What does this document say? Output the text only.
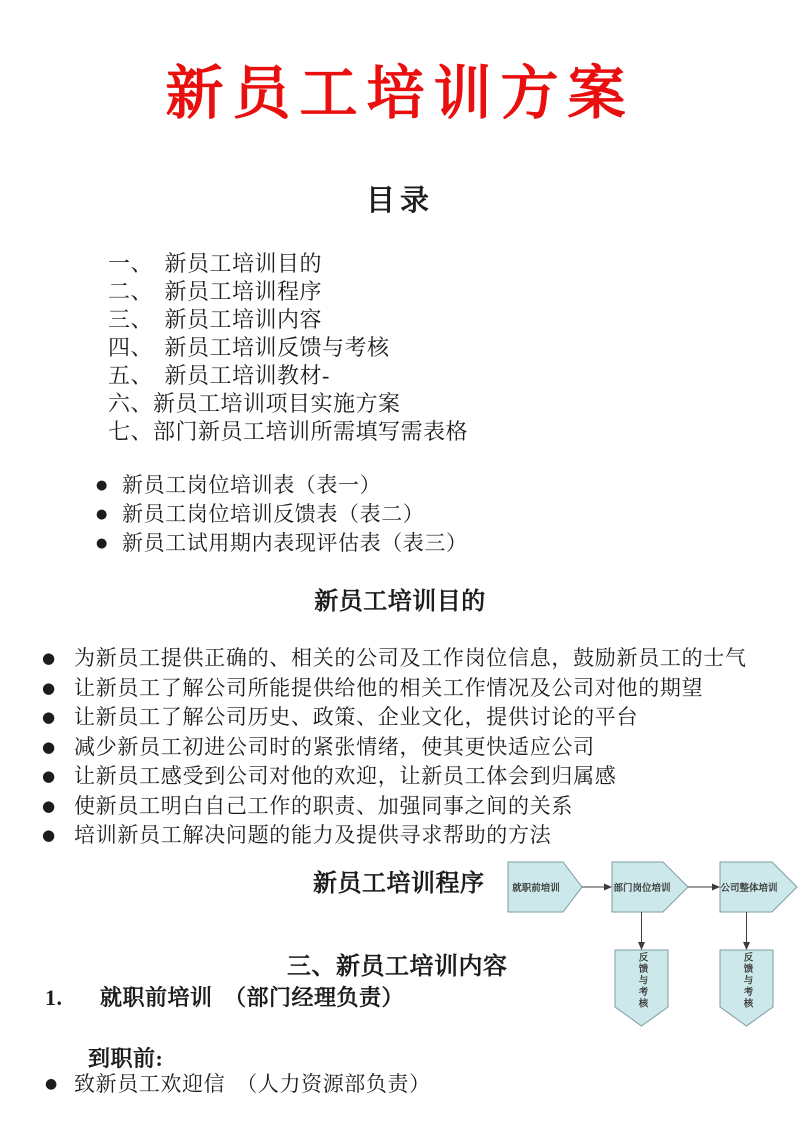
新员工培训方案
目录
一、　新员工培训目的
二、　新员工培训程序
三、　新员工培训内容
四、　新员工培训反馈与考核
五、　新员工培训教材-
六、新员工培训项目实施方案
七、部门新员工培训所需填写需表格
● 新员工岗位培训表（表一）
● 新员工岗位培训反馈表（表二）
● 新员工试用期内表现评估表（表三）
新员工培训目的
● 为新员工提供正确的、相关的公司及工作岗位信息，鼓励新员工的士气
● 让新员工了解公司所能提供给他的相关工作情况及公司对他的期望
● 让新员工了解公司历史、政策、企业文化，提供讨论的平台
● 减少新员工初进公司时的紧张情绪，使其更快适应公司
● 让新员工感受到公司对他的欢迎，让新员工体会到归属感
● 使新员工明白自己工作的职责、加强同事之间的关系
● 培训新员工解决问题的能力及提供寻求帮助的方法
新员工培训程序	就职前培训	部门岗位培训	公司整体培训
反馈与考核	反馈与考核
三、新员工培训内容
1. 就职前培训　（部门经理负责）
到职前:
● 致新员工欢迎信　（人力资源部负责）
